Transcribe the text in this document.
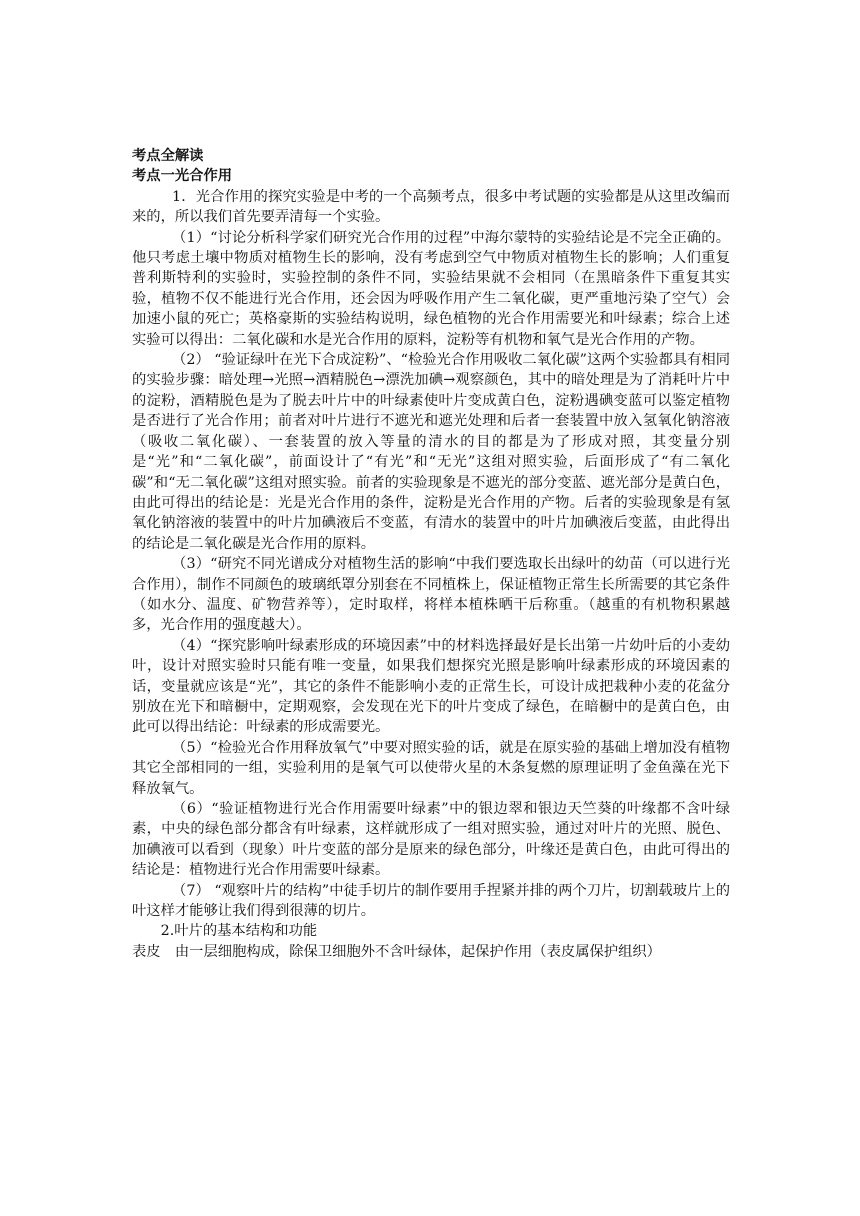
考点全解读
考点一光合作用

1．光合作用的探究实验是中考的一个高频考点，很多中考试题的实验都是从这里改编而来的，所以我们首先要弄清每一个实验。

（1）“讨论分析科学家们研究光合作用的过程”中海尔蒙特的实验结论是不完全正确的。他只考虑土壤中物质对植物生长的影响，没有考虑到空气中物质对植物生长的影响；人们重复普利斯特利的实验时，实验控制的条件不同，实验结果就不会相同（在黑暗条件下重复其实验，植物不仅不能进行光合作用，还会因为呼吸作用产生二氧化碳，更严重地污染了空气）会加速小鼠的死亡；英格豪斯的实验结构说明，绿色植物的光合作用需要光和叶绿素；综合上述实验可以得出：二氧化碳和水是光合作用的原料，淀粉等有机物和氧气是光合作用的产物。

（2） “验证绿叶在光下合成淀粉”、“检验光合作用吸收二氧化碳”这两个实验都具有相同的实验步骤：暗处理→光照→酒精脱色→漂洗加碘→观察颜色，其中的暗处理是为了消耗叶片中的淀粉，酒精脱色是为了脱去叶片中的叶绿素使叶片变成黄白色，淀粉遇碘变蓝可以鉴定植物是否进行了光合作用；前者对叶片进行不遮光和遮光处理和后者一套装置中放入氢氧化钠溶液（吸收二氧化碳）、一套装置的放入等量的清水的目的都是为了形成对照，其变量分别是“光”和“二氧化碳”，前面设计了“有光”和“无光”这组对照实验，后面形成了“有二氧化碳”和“无二氧化碳”这组对照实验。前者的实验现象是不遮光的部分变蓝、遮光部分是黄白色，由此可得出的结论是：光是光合作用的条件，淀粉是光合作用的产物。后者的实验现象是有氢氧化钠溶液的装置中的叶片加碘液后不变蓝，有清水的装置中的叶片加碘液后变蓝，由此得出的结论是二氧化碳是光合作用的原料。

（3）“研究不同光谱成分对植物生活的影响“中我们要选取长出绿叶的幼苗（可以进行光合作用），制作不同颜色的玻璃纸罩分别套在不同植株上，保证植物正常生长所需要的其它条件（如水分、温度、矿物营养等），定时取样，将样本植株晒干后称重。（越重的有机物积累越多，光合作用的强度越大）。

（4）“探究影响叶绿素形成的环境因素”中的材料选择最好是长出第一片幼叶后的小麦幼叶，设计对照实验时只能有唯一变量，如果我们想探究光照是影响叶绿素形成的环境因素的话，变量就应该是“光”，其它的条件不能影响小麦的正常生长，可设计成把栽种小麦的花盆分别放在光下和暗橱中，定期观察，会发现在光下的叶片变成了绿色，在暗橱中的是黄白色，由此可以得出结论：叶绿素的形成需要光。

（5）“检验光合作用释放氧气”中要对照实验的话，就是在原实验的基础上增加没有植物其它全部相同的一组，实验利用的是氧气可以使带火星的木条复燃的原理证明了金鱼藻在光下释放氧气。

（6）“验证植物进行光合作用需要叶绿素”中的银边翠和银边天竺葵的叶缘都不含叶绿素，中央的绿色部分都含有叶绿素，这样就形成了一组对照实验，通过对叶片的光照、脱色、加碘液可以看到（现象）叶片变蓝的部分是原来的绿色部分，叶缘还是黄白色，由此可得出的结论是：植物进行光合作用需要叶绿素。

（7） “观察叶片的结构”中徒手切片的制作要用手捏紧并排的两个刀片，切割载玻片上的叶这样才能够让我们得到很薄的切片。

2.叶片的基本结构和功能

表皮 由一层细胞构成，除保卫细胞外不含叶绿体，起保护作用（表皮属保护组织）
